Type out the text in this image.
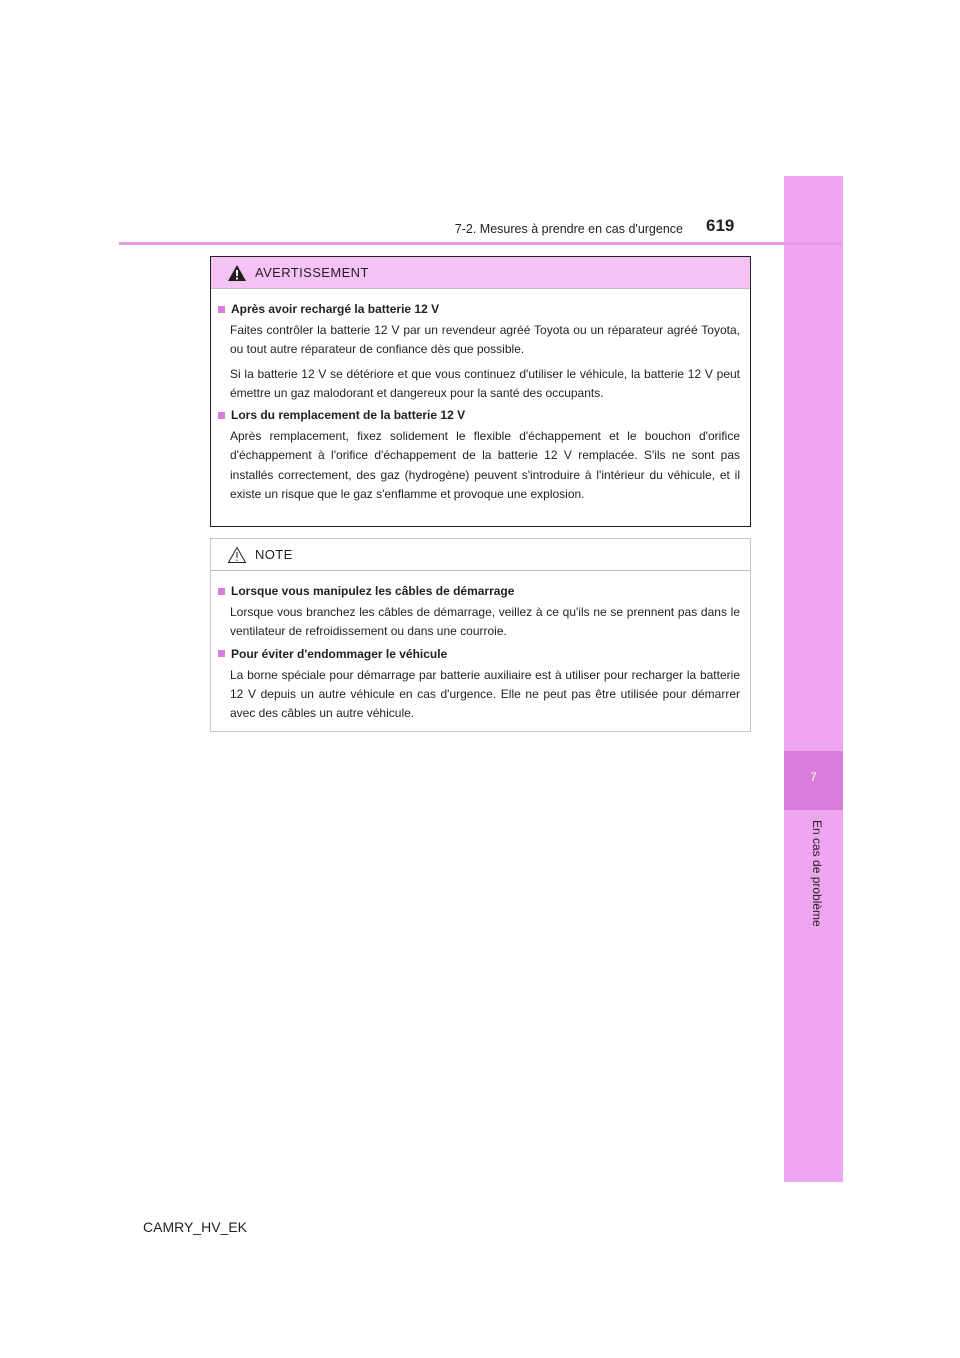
7
En cas de problème
7-2. Mesures à prendre en cas d'urgence 619
AVERTISSEMENT
Après avoir rechargé la batterie 12 V

Faites contrôler la batterie 12 V par un revendeur agréé Toyota ou un réparateur agréé Toyota, ou tout autre réparateur de confiance dès que possible.

Si la batterie 12 V se détériore et que vous continuez d'utiliser le véhicule, la batterie 12 V peut émettre un gaz malodorant et dangereux pour la santé des occupants.

Lors du remplacement de la batterie 12 V

Après remplacement, fixez solidement le flexible d'échappement et le bouchon d'orifice d'échappement à l'orifice d'échappement de la batterie 12 V remplacée. S'ils ne sont pas installés correctement, des gaz (hydrogène) peuvent s'introduire à l'intérieur du véhicule, et il existe un risque que le gaz s'enflamme et provoque une explosion.

NOTE
Lorsque vous manipulez les câbles de démarrage

Lorsque vous branchez les câbles de démarrage, veillez à ce qu'ils ne se prennent pas dans le ventilateur de refroidissement ou dans une courroie.

Pour éviter d'endommager le véhicule

La borne spéciale pour démarrage par batterie auxiliaire est à utiliser pour recharger la batterie 12 V depuis un autre véhicule en cas d'urgence. Elle ne peut pas être utilisée pour démarrer avec des câbles un autre véhicule.

CAMRY_HV_EK
